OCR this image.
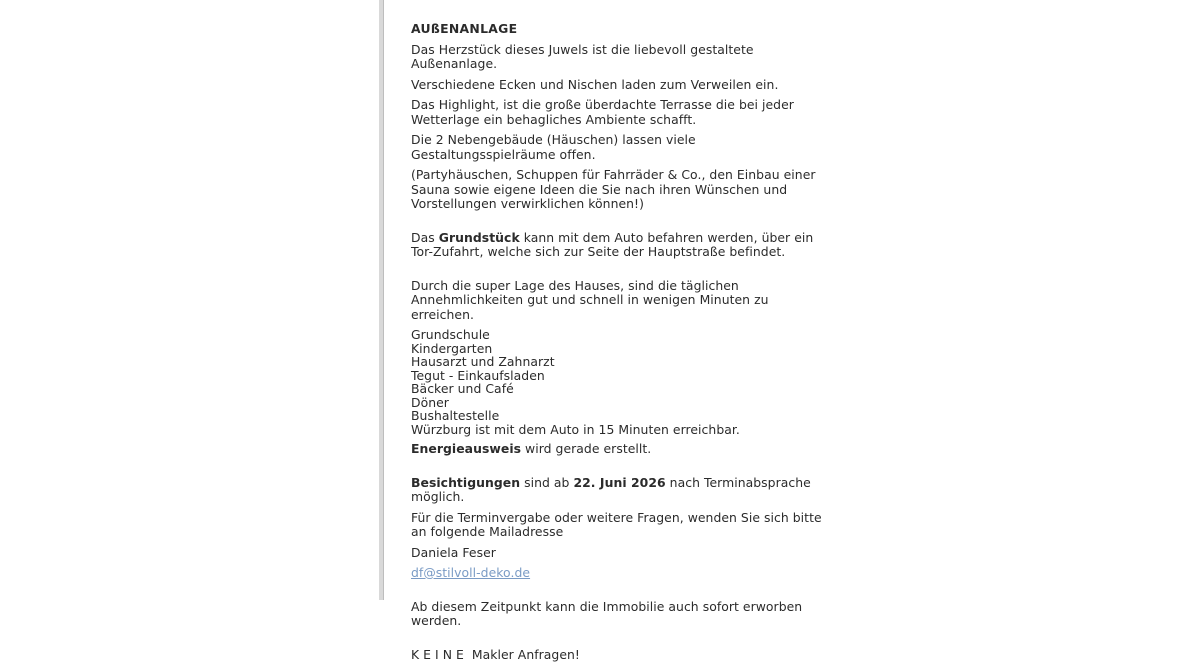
AUßENANLAGE

Das Herzstück dieses Juwels ist die liebevoll gestaltete Außenanlage.

Verschiedene Ecken und Nischen laden zum Verweilen ein.

Das Highlight, ist die große überdachte Terrasse die bei jeder Wetterlage ein behagliches Ambiente schafft.

Die 2 Nebengebäude (Häuschen) lassen viele Gestaltungsspielräume offen.

(Partyhäuschen, Schuppen für Fahrräder & Co., den Einbau einer Sauna sowie eigene Ideen die Sie nach ihren Wünschen und Vorstellungen verwirklichen können!)

Das Grundstück kann mit dem Auto befahren werden, über ein Tor-Zufahrt, welche sich zur Seite der Hauptstraße befindet.

Durch die super Lage des Hauses, sind die täglichen Annehmlichkeiten gut und schnell in wenigen Minuten zu erreichen.

Grundschule
Kindergarten
Hausarzt und Zahnarzt
Tegut - Einkaufsladen
Bäcker und Café
Döner
Bushaltestelle
Würzburg ist mit dem Auto in 15 Minuten erreichbar.

Energieausweis wird gerade erstellt.

Besichtigungen sind ab 22. Juni 2026 nach Terminabsprache möglich.

Für die Terminvergabe oder weitere Fragen, wenden Sie sich bitte an folgende Mailadresse

Daniela Feser

df@stilvoll-deko.de

Ab diesem Zeitpunkt kann die Immobilie auch sofort erworben werden.

K E I N E  Makler Anfragen!
